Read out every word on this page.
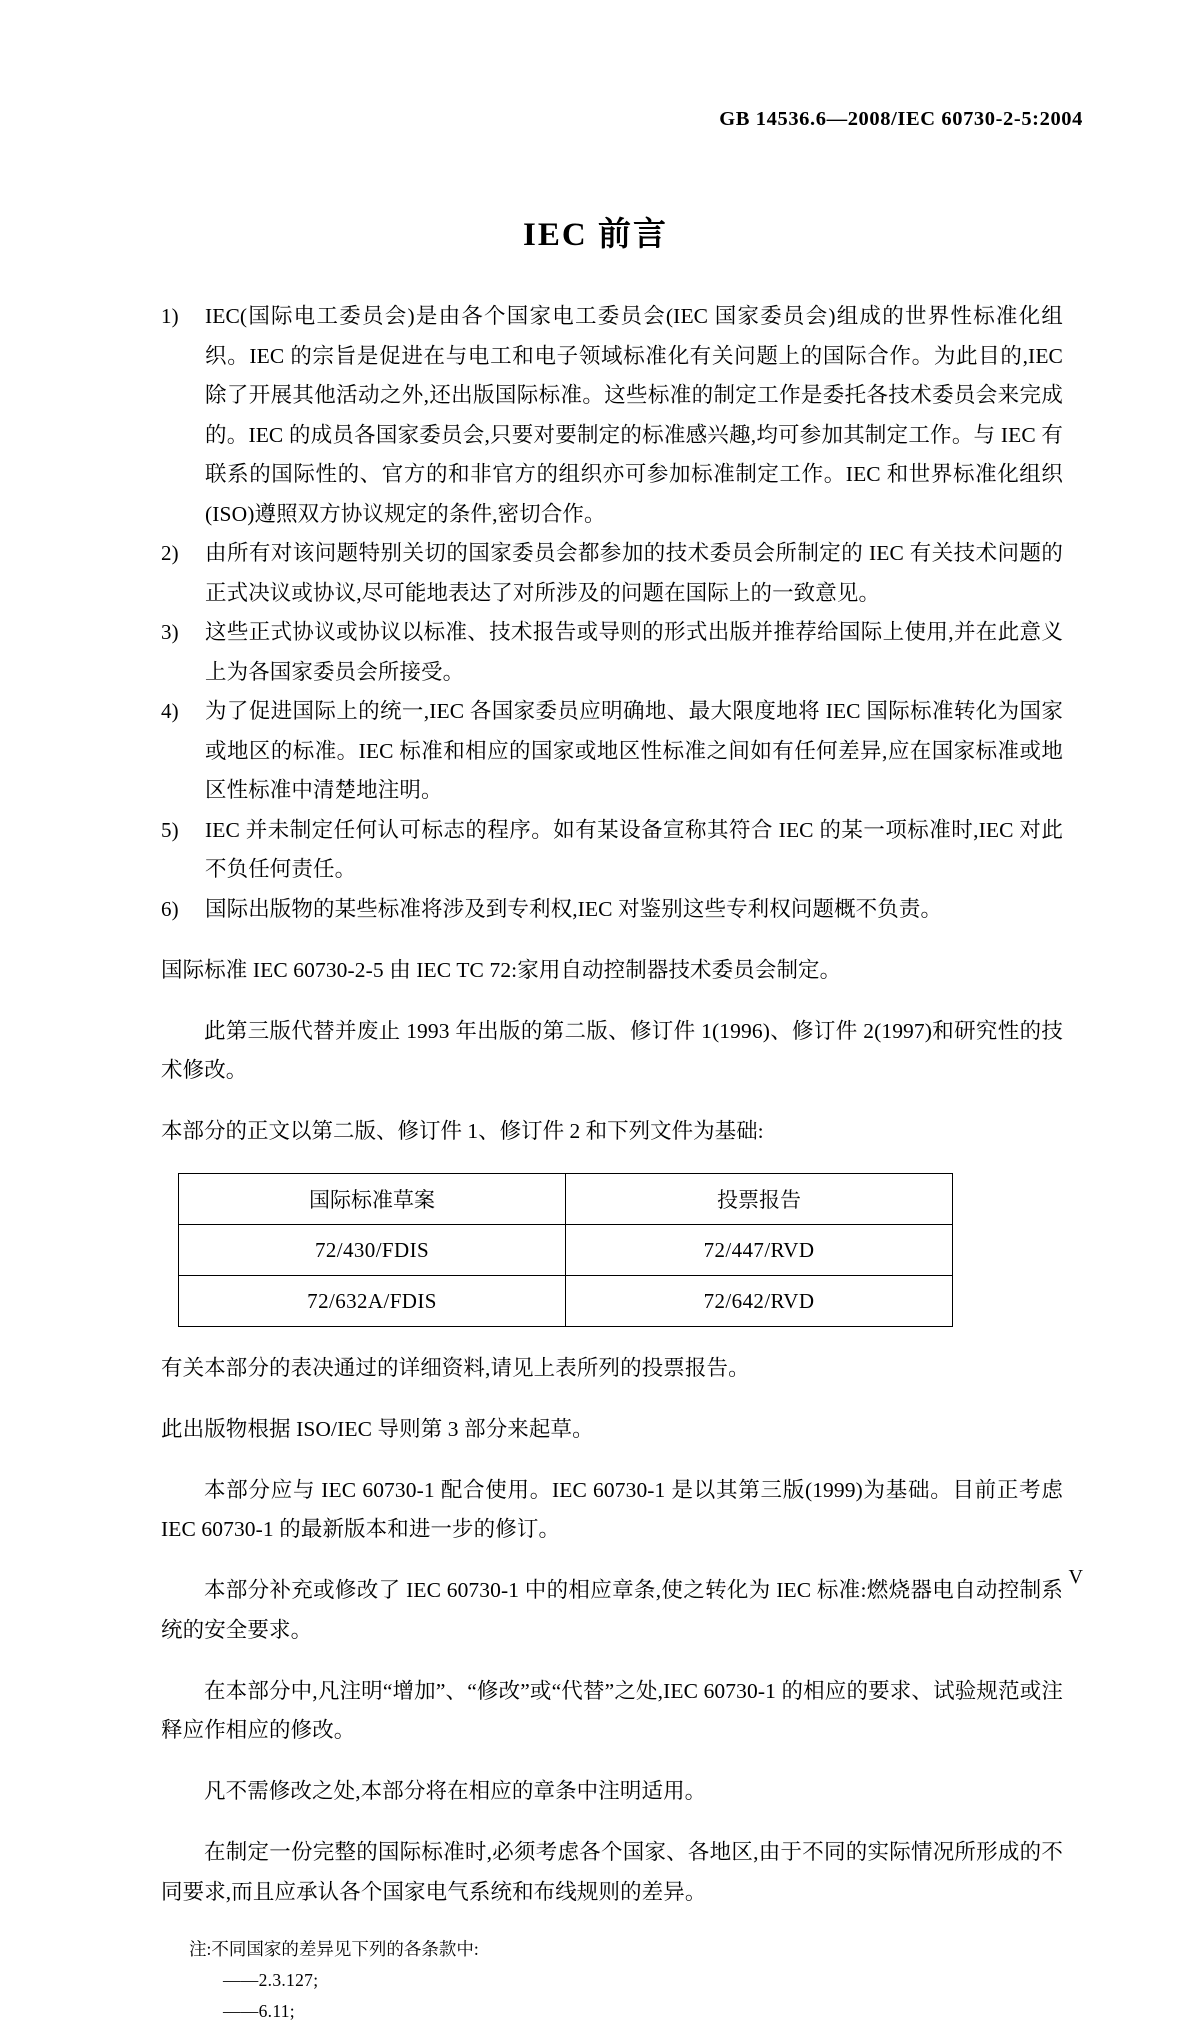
GB 14536.6—2008/IEC 60730-2-5:2004
IEC 前言
1) IEC(国际电工委员会)是由各个国家电工委员会(IEC 国家委员会)组成的世界性标准化组织。IEC 的宗旨是促进在与电工和电子领域标准化有关问题上的国际合作。为此目的,IEC 除了开展其他活动之外,还出版国际标准。这些标准的制定工作是委托各技术委员会来完成的。IEC 的成员各国家委员会,只要对要制定的标准感兴趣,均可参加其制定工作。与 IEC 有联系的国际性的、官方的和非官方的组织亦可参加标准制定工作。IEC 和世界标准化组织(ISO)遵照双方协议规定的条件,密切合作。
2) 由所有对该问题特别关切的国家委员会都参加的技术委员会所制定的 IEC 有关技术问题的正式决议或协议,尽可能地表达了对所涉及的问题在国际上的一致意见。
3) 这些正式协议或协议以标准、技术报告或导则的形式出版并推荐给国际上使用,并在此意义上为各国家委员会所接受。
4) 为了促进国际上的统一,IEC 各国家委员应明确地、最大限度地将 IEC 国际标准转化为国家或地区的标准。IEC 标准和相应的国家或地区性标准之间如有任何差异,应在国家标准或地区性标准中清楚地注明。
5) IEC 并未制定任何认可标志的程序。如有某设备宣称其符合 IEC 的某一项标准时,IEC 对此不负任何责任。
6) 国际出版物的某些标准将涉及到专利权,IEC 对鉴别这些专利权问题概不负责。

国际标准 IEC 60730-2-5 由 IEC TC 72:家用自动控制器技术委员会制定。

此第三版代替并废止 1993 年出版的第二版、修订件 1(1996)、修订件 2(1997)和研究性的技术修改。

本部分的正文以第二版、修订件 1、修订件 2 和下列文件为基础:

国际标准草案	投票报告
72/430/FDIS	72/447/RVD
72/632A/FDIS	72/642/RVD

有关本部分的表决通过的详细资料,请见上表所列的投票报告。

此出版物根据 ISO/IEC 导则第 3 部分来起草。

本部分应与 IEC 60730-1 配合使用。IEC 60730-1 是以其第三版(1999)为基础。目前正考虑 IEC 60730-1 的最新版本和进一步的修订。

本部分补充或修改了 IEC 60730-1 中的相应章条,使之转化为 IEC 标准:燃烧器电自动控制系统的安全要求。

在本部分中,凡注明“增加”、“修改”或“代替”之处,IEC 60730-1 的相应的要求、试验规范或注释应作相应的修改。

凡不需修改之处,本部分将在相应的章条中注明适用。

在制定一份完整的国际标准时,必须考虑各个国家、各地区,由于不同的实际情况所形成的不同要求,而且应承认各个国家电气系统和布线规则的差异。

注:不同国家的差异见下列的各条款中:
——2.3.127;
——6.11;
V
